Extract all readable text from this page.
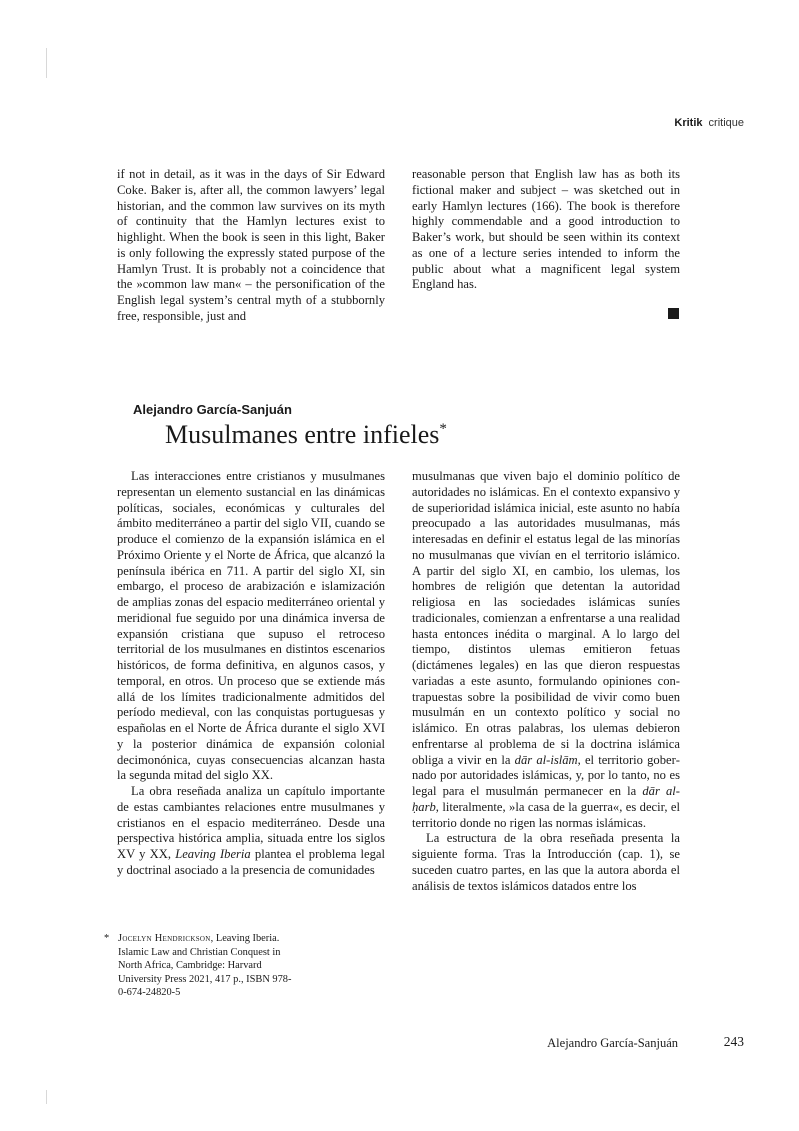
Kritik critique

if not in detail, as it was in the days of Sir Edward Coke. Baker is, after all, the common lawyers’ legal historian, and the common law survives on its myth of continuity that the Hamlyn lectures exist to highlight. When the book is seen in this light, Baker is only following the expressly stated purpose of the Hamlyn Trust. It is probably not a coincidence that the »common law man« – the personification of the English legal system’s central myth of a stubbornly free, responsible, just and

reasonable person that English law has as both its fictional maker and subject – was sketched out in early Hamlyn lectures (166). The book is therefore highly commendable and a good introduction to Baker’s work, but should be seen within its context as one of a lecture series intended to inform the public about what a magnificent legal system England has.

Alejandro García-Sanjuán
Musulmanes entre infieles*

Las interacciones entre cristianos y musulmanes representan un elemento sustancial en las dinámicas políticas, sociales, económicas y culturales del ámbito mediterráneo a partir del siglo VII, cuando se produce el comienzo de la expansión islámica en el Próximo Oriente y el Norte de África, que alcanzó la península ibérica en 711. A partir del siglo XI, sin embargo, el proceso de arabización e islamización de amplias zonas del espacio mediterráneo oriental y meridional fue seguido por una dinámica inversa de expansión cristiana que supuso el retroceso territorial de los musulmanes en distintos escenarios históricos, de forma definitiva, en algunos casos, y temporal, en otros. Un proceso que se extiende más allá de los límites tradicionalmente admitidos del período medieval, con las conquistas portuguesas y españolas en el Norte de África durante el siglo XVI y la posterior dinámica de expansión colonial decimonónica, cuyas consecuencias alcanzan hasta la segunda mitad del siglo XX.

La obra reseñada analiza un capítulo importante de estas cambiantes relaciones entre musulmanes y cristianos en el espacio mediterráneo. Desde una perspectiva histórica amplia, situada entre los siglos XV y XX, Leaving Iberia plantea el problema legal y doctrinal asociado a la presencia de comunidades

musulmanas que viven bajo el dominio político de autoridades no islámicas. En el contexto expansivo y de superioridad islámica inicial, este asunto no había preocupado a las autoridades musulmanas, más interesadas en definir el estatus legal de las minorías no musulmanas que vivían en el territorio islámico. A partir del siglo XI, en cambio, los ulemas, los hombres de religión que detentan la autoridad religiosa en las sociedades islámicas suníes tradicionales, comienzan a enfrentarse a una realidad hasta entonces inédita o marginal. A lo largo del tiempo, distintos ulemas emitieron fetuas (dictámenes legales) en las que dieron respuestas variadas a este asunto, formulando opiniones contrapuestas sobre la posibilidad de vivir como buen musulmán en un contexto político y social no islámico. En otras palabras, los ulemas debieron enfrentarse al problema de si la doctrina islámica obliga a vivir en la dār al-islām, el territorio gobernado por autoridades islámicas, y, por lo tanto, no es legal para el musulmán permanecer en la dār al-ḥarb, literalmente, »la casa de la guerra«, es decir, el territorio donde no rigen las normas islámicas.

La estructura de la obra reseñada presenta la siguiente forma. Tras la Introducción (cap. 1), se suceden cuatro partes, en las que la autora aborda el análisis de textos islámicos datados entre los

* Jocelyn Hendrickson, Leaving Iberia. Islamic Law and Christian Conquest in North Africa, Cambridge: Harvard University Press 2021, 417 p., ISBN 978-0-674-24820-5
Alejandro García-Sanjuán	243
